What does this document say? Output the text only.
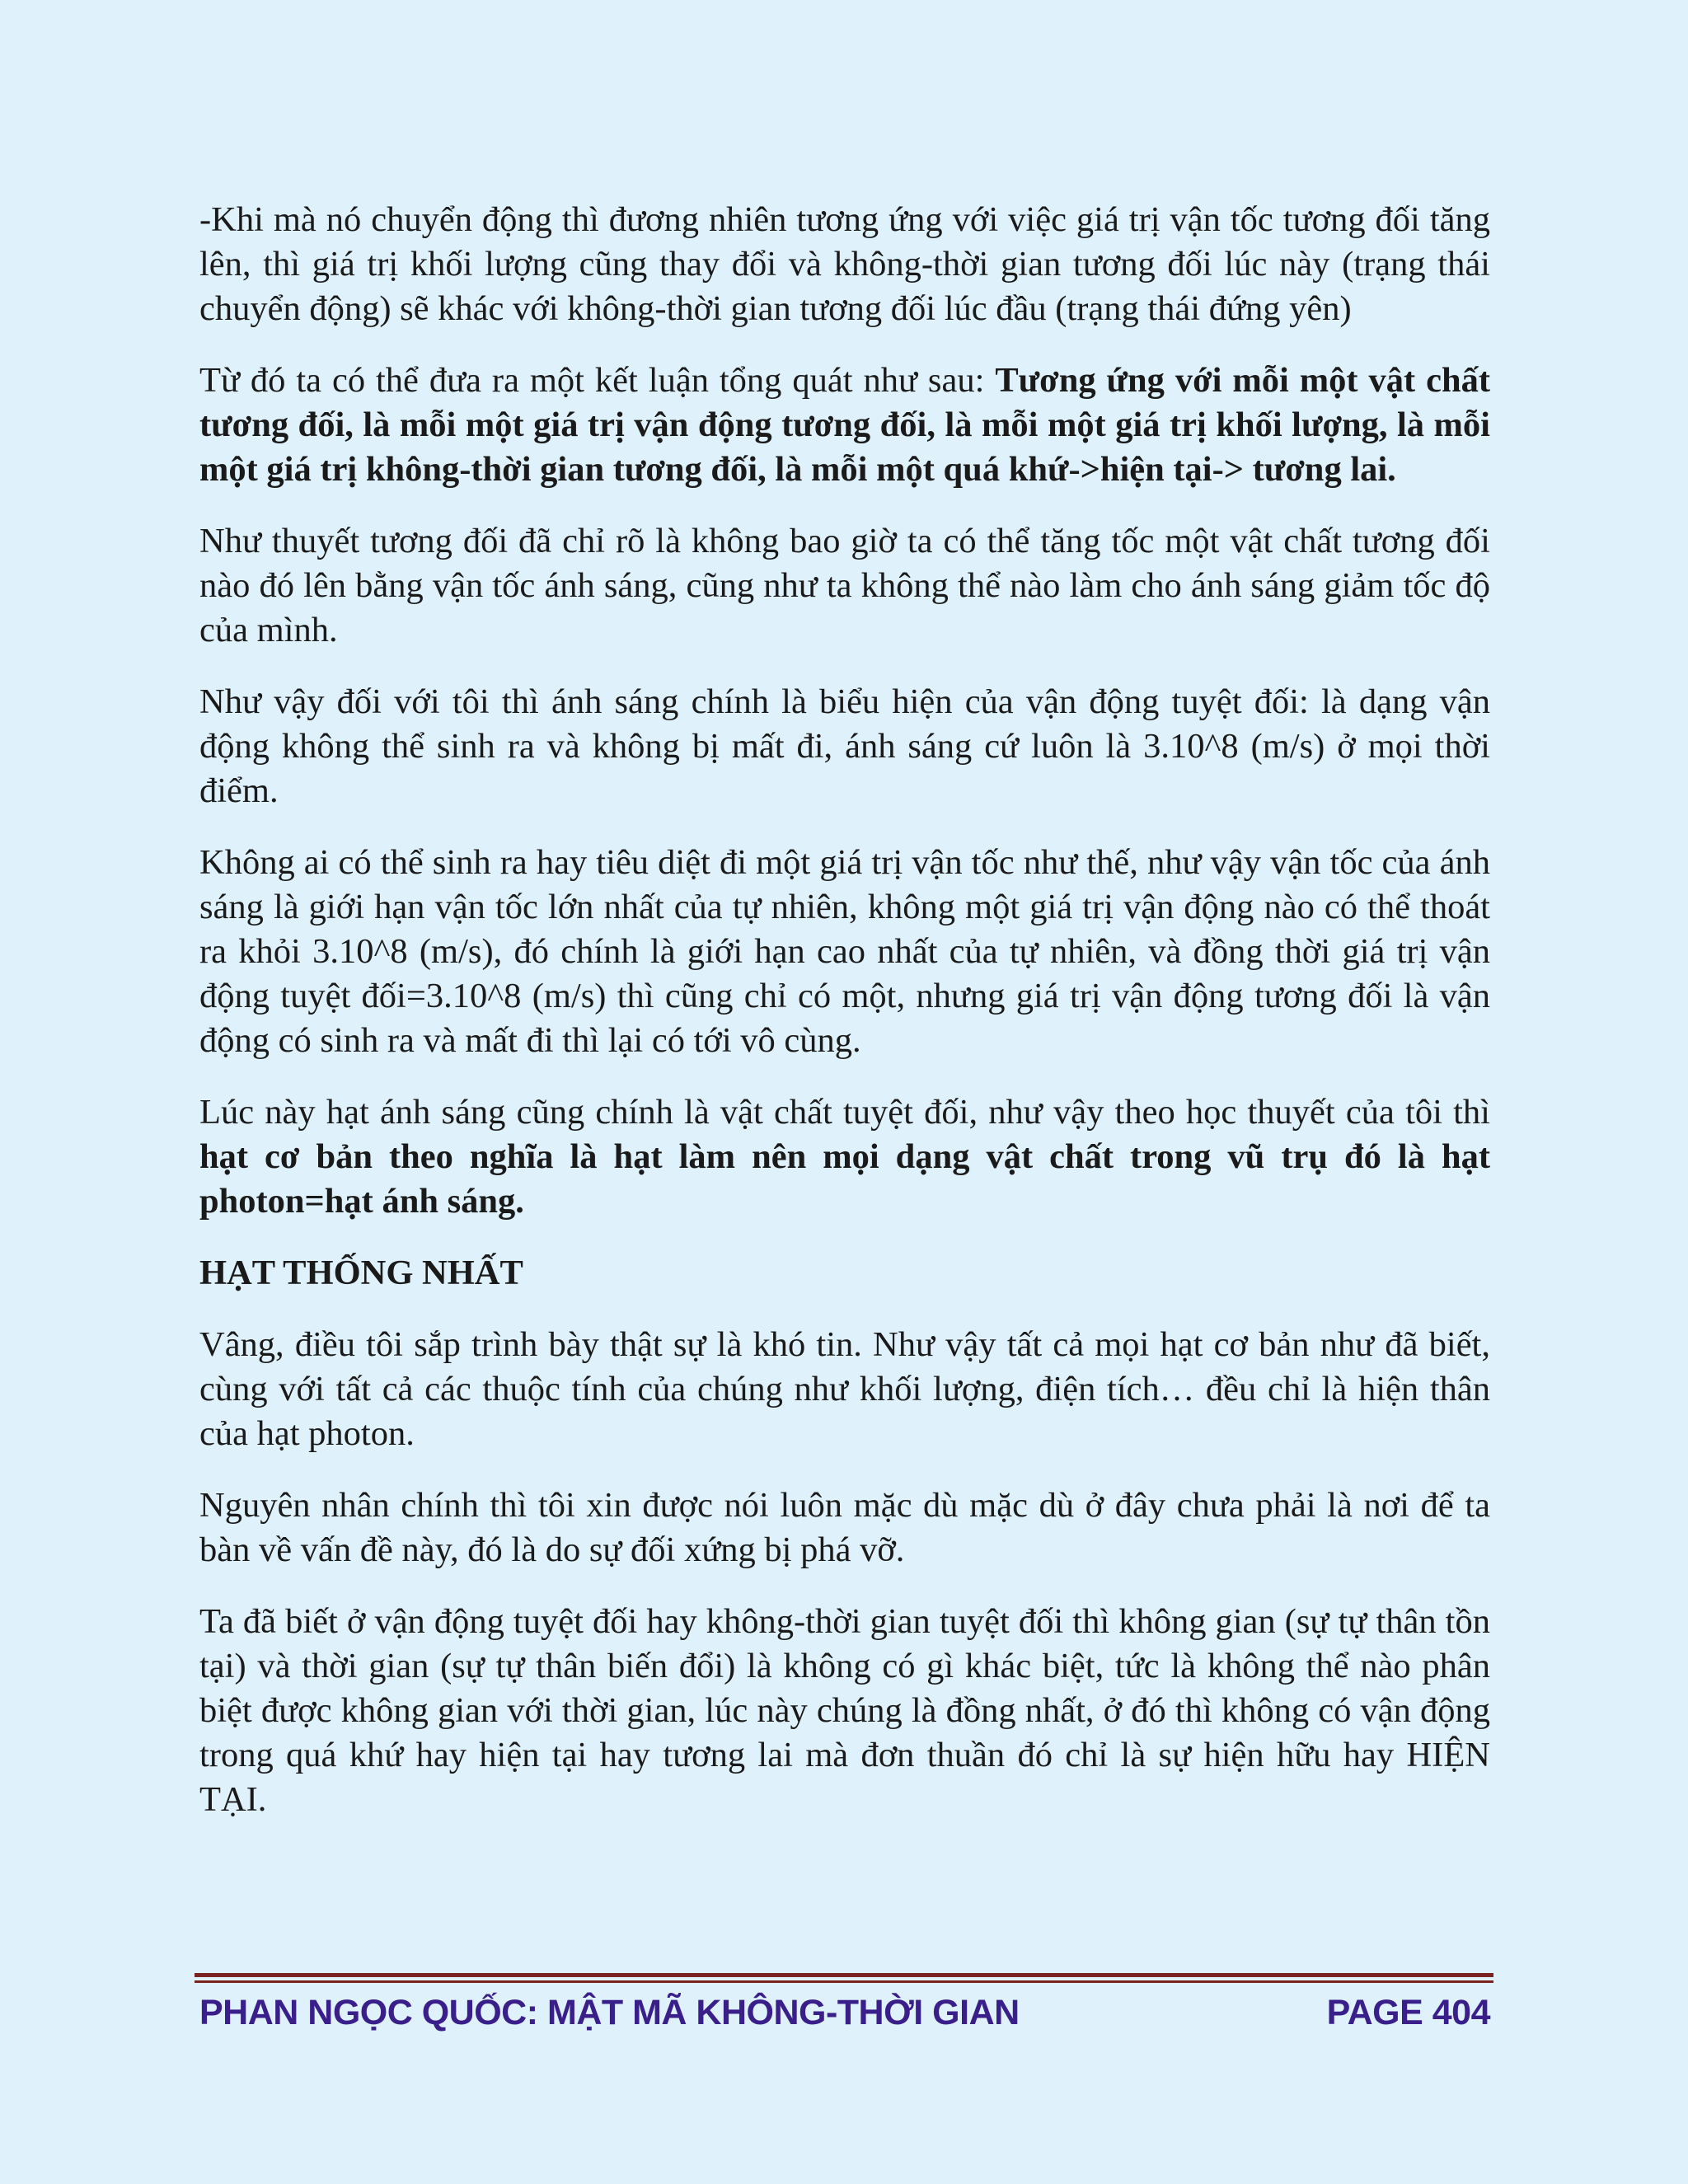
-Khi mà nó chuyển động thì đương nhiên tương ứng với việc giá trị vận tốc tương đối tăng lên, thì giá trị khối lượng cũng thay đổi và không-thời gian tương đối lúc này (trạng thái chuyển động) sẽ khác với không-thời gian tương đối lúc đầu (trạng thái đứng yên)

Từ đó ta có thể đưa ra một kết luận tổng quát như sau: Tương ứng với mỗi một vật chất tương đối, là mỗi một giá trị vận động tương đối, là mỗi một giá trị khối lượng, là mỗi một giá trị không-thời gian tương đối, là mỗi một quá khứ->hiện tại-> tương lai.

Như thuyết tương đối đã chỉ rõ là không bao giờ ta có thể tăng tốc một vật chất tương đối nào đó lên bằng vận tốc ánh sáng, cũng như ta không thể nào làm cho ánh sáng giảm tốc độ của mình.

Như vậy đối với tôi thì ánh sáng chính là biểu hiện của vận động tuyệt đối: là dạng vận động không thể sinh ra và không bị mất đi, ánh sáng cứ luôn là 3.10^8 (m/s) ở mọi thời điểm.

Không ai có thể sinh ra hay tiêu diệt đi một giá trị vận tốc như thế, như vậy vận tốc của ánh sáng là giới hạn vận tốc lớn nhất của tự nhiên, không một giá trị vận động nào có thể thoát ra khỏi 3.10^8 (m/s), đó chính là giới hạn cao nhất của tự nhiên, và đồng thời giá trị vận động tuyệt đối=3.10^8 (m/s) thì cũng chỉ có một, nhưng giá trị vận động tương đối là vận động có sinh ra và mất đi thì lại có tới vô cùng.

Lúc này hạt ánh sáng cũng chính là vật chất tuyệt đối, như vậy theo học thuyết của tôi thì hạt cơ bản theo nghĩa là hạt làm nên mọi dạng vật chất trong vũ trụ đó là hạt photon=hạt ánh sáng.

HẠT THỐNG NHẤT

Vâng, điều tôi sắp trình bày thật sự là khó tin. Như vậy tất cả mọi hạt cơ bản như đã biết, cùng với tất cả các thuộc tính của chúng như khối lượng, điện tích… đều chỉ là hiện thân của hạt photon.

Nguyên nhân chính thì tôi xin được nói luôn mặc dù mặc dù ở đây chưa phải là nơi để ta bàn về vấn đề này, đó là do sự đối xứng bị phá vỡ.

Ta đã biết ở vận động tuyệt đối hay không-thời gian tuyệt đối thì không gian (sự tự thân tồn tại) và thời gian (sự tự thân biến đổi) là không có gì khác biệt, tức là không thể nào phân biệt được không gian với thời gian, lúc này chúng là đồng nhất, ở đó thì không có vận động trong quá khứ hay hiện tại hay tương lai mà đơn thuần đó chỉ là sự hiện hữu hay HIỆN TẠI.

PHAN NGỌC QUỐC: MẬT MÃ KHÔNG-THỜI GIAN	PAGE 404
